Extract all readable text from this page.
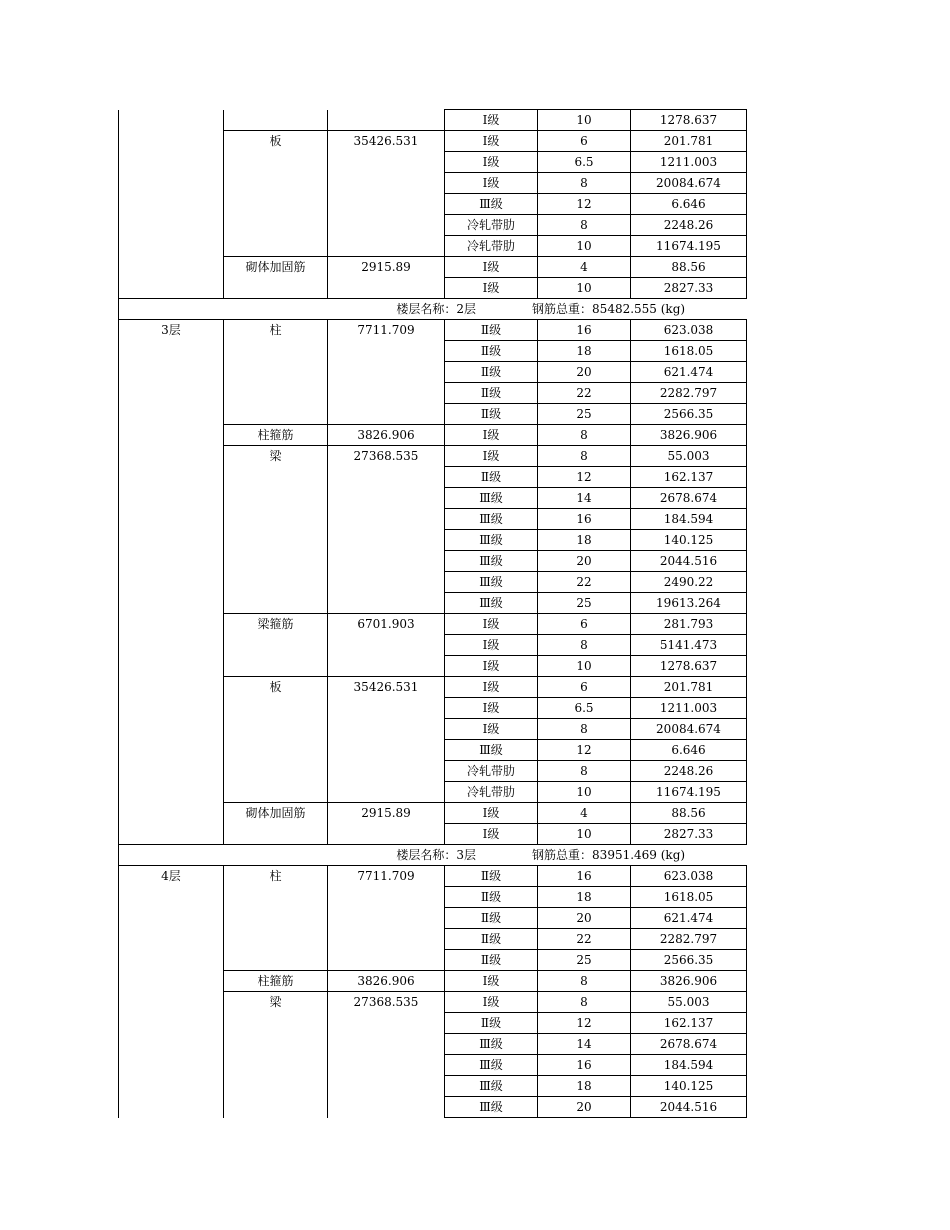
			Ⅰ级	10	1278.637
	板	35426.531	Ⅰ级	6	201.781
			Ⅰ级	6.5	1211.003
			Ⅰ级	8	20084.674
			Ⅲ级	12	6.646
			冷轧带肋	8	2248.26
			冷轧带肋	10	11674.195
	砌体加固筋	2915.89	Ⅰ级	4	88.56
			Ⅰ级	10	2827.33
楼层名称：2层 钢筋总重：85482.555 (kg)					
3层	柱	7711.709	Ⅱ级	16	623.038
			Ⅱ级	18	1618.05
			Ⅱ级	20	621.474
			Ⅱ级	22	2282.797
			Ⅱ级	25	2566.35
	柱箍筋	3826.906	Ⅰ级	8	3826.906
	梁	27368.535	Ⅰ级	8	55.003
			Ⅱ级	12	162.137
			Ⅲ级	14	2678.674
			Ⅲ级	16	184.594
			Ⅲ级	18	140.125
			Ⅲ级	20	2044.516
			Ⅲ级	22	2490.22
			Ⅲ级	25	19613.264
	梁箍筋	6701.903	Ⅰ级	6	281.793
			Ⅰ级	8	5141.473
			Ⅰ级	10	1278.637
	板	35426.531	Ⅰ级	6	201.781
			Ⅰ级	6.5	1211.003
			Ⅰ级	8	20084.674
			Ⅲ级	12	6.646
			冷轧带肋	8	2248.26
			冷轧带肋	10	11674.195
	砌体加固筋	2915.89	Ⅰ级	4	88.56
			Ⅰ级	10	2827.33
楼层名称：3层 钢筋总重：83951.469 (kg)					
4层	柱	7711.709	Ⅱ级	16	623.038
			Ⅱ级	18	1618.05
			Ⅱ级	20	621.474
			Ⅱ级	22	2282.797
			Ⅱ级	25	2566.35
	柱箍筋	3826.906	Ⅰ级	8	3826.906
	梁	27368.535	Ⅰ级	8	55.003
			Ⅱ级	12	162.137
			Ⅲ级	14	2678.674
			Ⅲ级	16	184.594
			Ⅲ级	18	140.125
			Ⅲ级	20	2044.516
